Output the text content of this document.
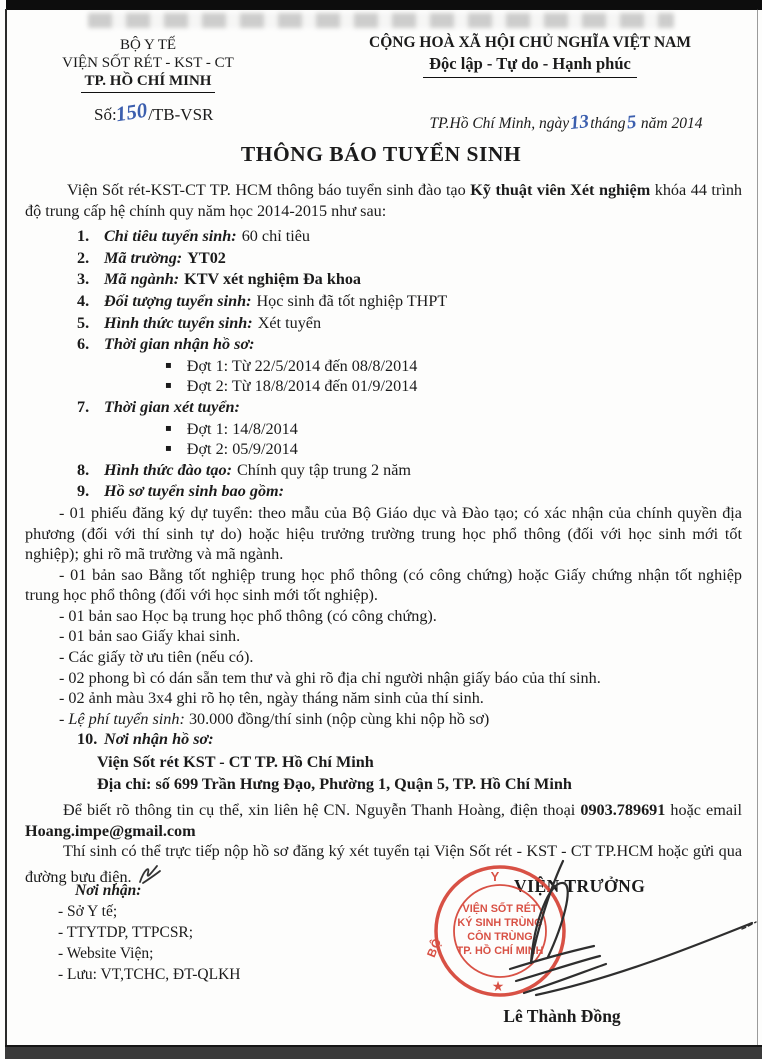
BỘ Y TẾ
VIỆN SỐT RÉT - KST - CT
TP. HỒ CHÍ MINH
Số:150/TB-VSR
CỘNG HOÀ XÃ HỘI CHỦ NGHĨA VIỆT NAM
Độc lập - Tự do - Hạnh phúc
TP.Hồ Chí Minh, ngày13tháng5 năm 2014
THÔNG BÁO TUYỂN SINH

Viện Sốt rét-KST-CT TP. HCM thông báo tuyển sinh đào tạo Kỹ thuật viên Xét nghiệm khóa 44 trình độ trung cấp hệ chính quy năm học 2014-2015 như sau:

1. Chỉ tiêu tuyển sinh: 60 chỉ tiêu
2. Mã trường: YT02
3. Mã ngành: KTV xét nghiệm Đa khoa
4. Đối tượng tuyển sinh: Học sinh đã tốt nghiệp THPT
5. Hình thức tuyển sinh: Xét tuyển
6. Thời gian nhận hồ sơ:
▪ Đợt 1: Từ 22/5/2014 đến 08/8/2014
▪ Đợt 2: Từ 18/8/2014 đến 01/9/2014
7. Thời gian xét tuyển:
▪ Đợt 1: 14/8/2014
▪ Đợt 2: 05/9/2014
8. Hình thức đào tạo: Chính quy tập trung 2 năm
9. Hồ sơ tuyển sinh bao gồm:

- 01 phiếu đăng ký dự tuyển: theo mẫu của Bộ Giáo dục và Đào tạo; có xác nhận của chính quyền địa phương (đối với thí sinh tự do) hoặc hiệu trưởng trường trung học phổ thông (đối với học sinh mới tốt nghiệp); ghi rõ mã trường và mã ngành.

- 01 bản sao Bằng tốt nghiệp trung học phổ thông (có công chứng) hoặc Giấy chứng nhận tốt nghiệp trung học phổ thông (đối với học sinh mới tốt nghiệp).

- 01 bản sao Học bạ trung học phổ thông (có công chứng).

- 01 bản sao Giấy khai sinh.

- Các giấy tờ ưu tiên (nếu có).

- 02 phong bì có dán sẵn tem thư và ghi rõ địa chỉ người nhận giấy báo của thí sinh.

- 02 ảnh màu 3x4 ghi rõ họ tên, ngày tháng năm sinh của thí sinh.

- Lệ phí tuyển sinh: 30.000 đồng/thí sinh (nộp cùng khi nộp hồ sơ)

10. Nơi nhận hồ sơ:
Viện Sốt rét KST - CT TP. Hồ Chí Minh
Địa chỉ: số 699 Trần Hưng Đạo, Phường 1, Quận 5, TP. Hồ Chí Minh

Để biết rõ thông tin cụ thể, xin liên hệ CN. Nguyễn Thanh Hoàng, điện thoại 0903.789691 hoặc email Hoang.impe@gmail.com

Thí sinh có thể trực tiếp nộp hồ sơ đăng ký xét tuyển tại Viện Sốt rét - KST - CT TP.HCM hoặc gửi qua đường bưu điện.

Nơi nhận:
- Sở Y tế;
- TTYTDP, TTPCSR;
- Website Viện;
- Lưu: VT,TCHC, ĐT-QLKH
VIỆN TRƯỞNG
Y
BỘ
VIỆN SỐT RÉT
KÝ SINH TRÙNG
CÔN TRÙNG
TP. HỒ CHÍ MINH
★
Lê Thành Đồng
